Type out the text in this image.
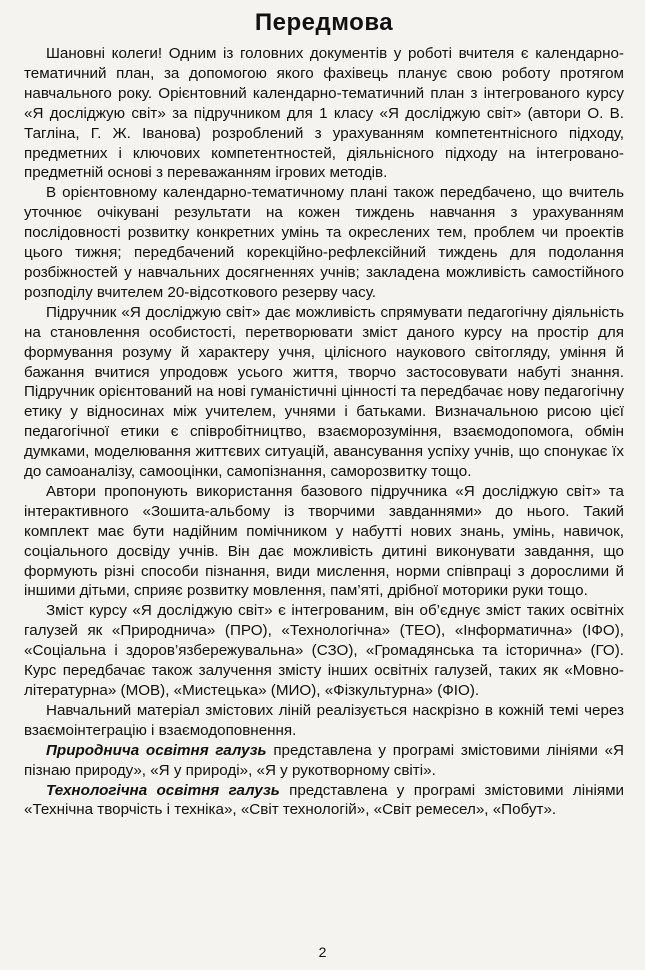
Передмова

Шановні колеги! Одним із головних документів у роботі вчителя є календарно-тематичний план, за допомогою якого фахівець планує свою роботу протягом навчального року. Орієнтовний календарно-тематичний план з інтегрованого курсу «Я досліджую світ» за підручником для 1 класу «Я досліджую світ» (автори О. В. Тагліна, Г. Ж. Іванова) розроблений з урахуванням компетентнісного підходу, предметних і ключових компетентностей, діяльнісного підходу на інтегровано-предметній основі з переважанням ігрових методів.

В орієнтовному календарно-тематичному плані також передбачено, що вчитель уточнює очікувані результати на кожен тиждень навчання з урахуванням послідовності розвитку конкретних умінь та окреслених тем, проблем чи проектів цього тижня; передбачений корекційно-рефлексійний тиждень для подолання розбіжностей у навчальних досягненнях учнів; закладена можливість самостійного розподілу вчителем 20-відсоткового резерву часу.

Підручник «Я досліджую світ» дає можливість спрямувати педагогічну діяльність на становлення особистості, перетворювати зміст даного курсу на простір для формування розуму й характеру учня, цілісного наукового світогляду, уміння й бажання вчитися упродовж усього життя, творчо застосовувати набуті знання. Підручник орієнтований на нові гуманістичні цінності та передбачає нову педагогічну етику у відносинах між учителем, учнями і батьками. Визначальною рисою цієї педагогічної етики є співробітництво, взаєморозуміння, взаємодопомога, обмін думками, моделювання життєвих ситуацій, авансування успіху учнів, що спонукає їх до самоаналізу, самооцінки, самопізнання, саморозвитку тощо.

Автори пропонують використання базового підручника «Я досліджую світ» та інтерактивного «Зошита-альбому із творчими завданнями» до нього. Такий комплект має бути надійним помічником у набутті нових знань, умінь, навичок, соціального досвіду учнів. Він дає можливість дитині виконувати завдання, що формують різні способи пізнання, види мислення, норми співпраці з дорослими й іншими дітьми, сприяє розвитку мовлення, пам’яті, дрібної моторики руки тощо.

Зміст курсу «Я досліджую світ» є інтегрованим, він об’єднує зміст таких освітніх галузей як «Природнича» (ПРО), «Технологічна» (ТЕО), «Інформатична» (ІФО), «Соціальна і здоров’язбережувальна» (СЗО), «Громадянська та історична» (ГО). Курс передбачає також залучення змісту інших освітніх галузей, таких як «Мовно-літературна» (МОВ), «Мистецька» (МИО), «Фізкультурна» (ФІО).

Навчальний матеріал змістових ліній реалізується наскрізно в кожній темі через взаємоінтеграцію і взаємодоповнення.

Природнича освітня галузь представлена у програмі змістовими лініями «Я пізнаю природу», «Я у природі», «Я у рукотворному світі».

Технологічна освітня галузь представлена у програмі змістовими лініями «Технічна творчість і техніка», «Світ технологій», «Світ ремесел», «Побут».

2
